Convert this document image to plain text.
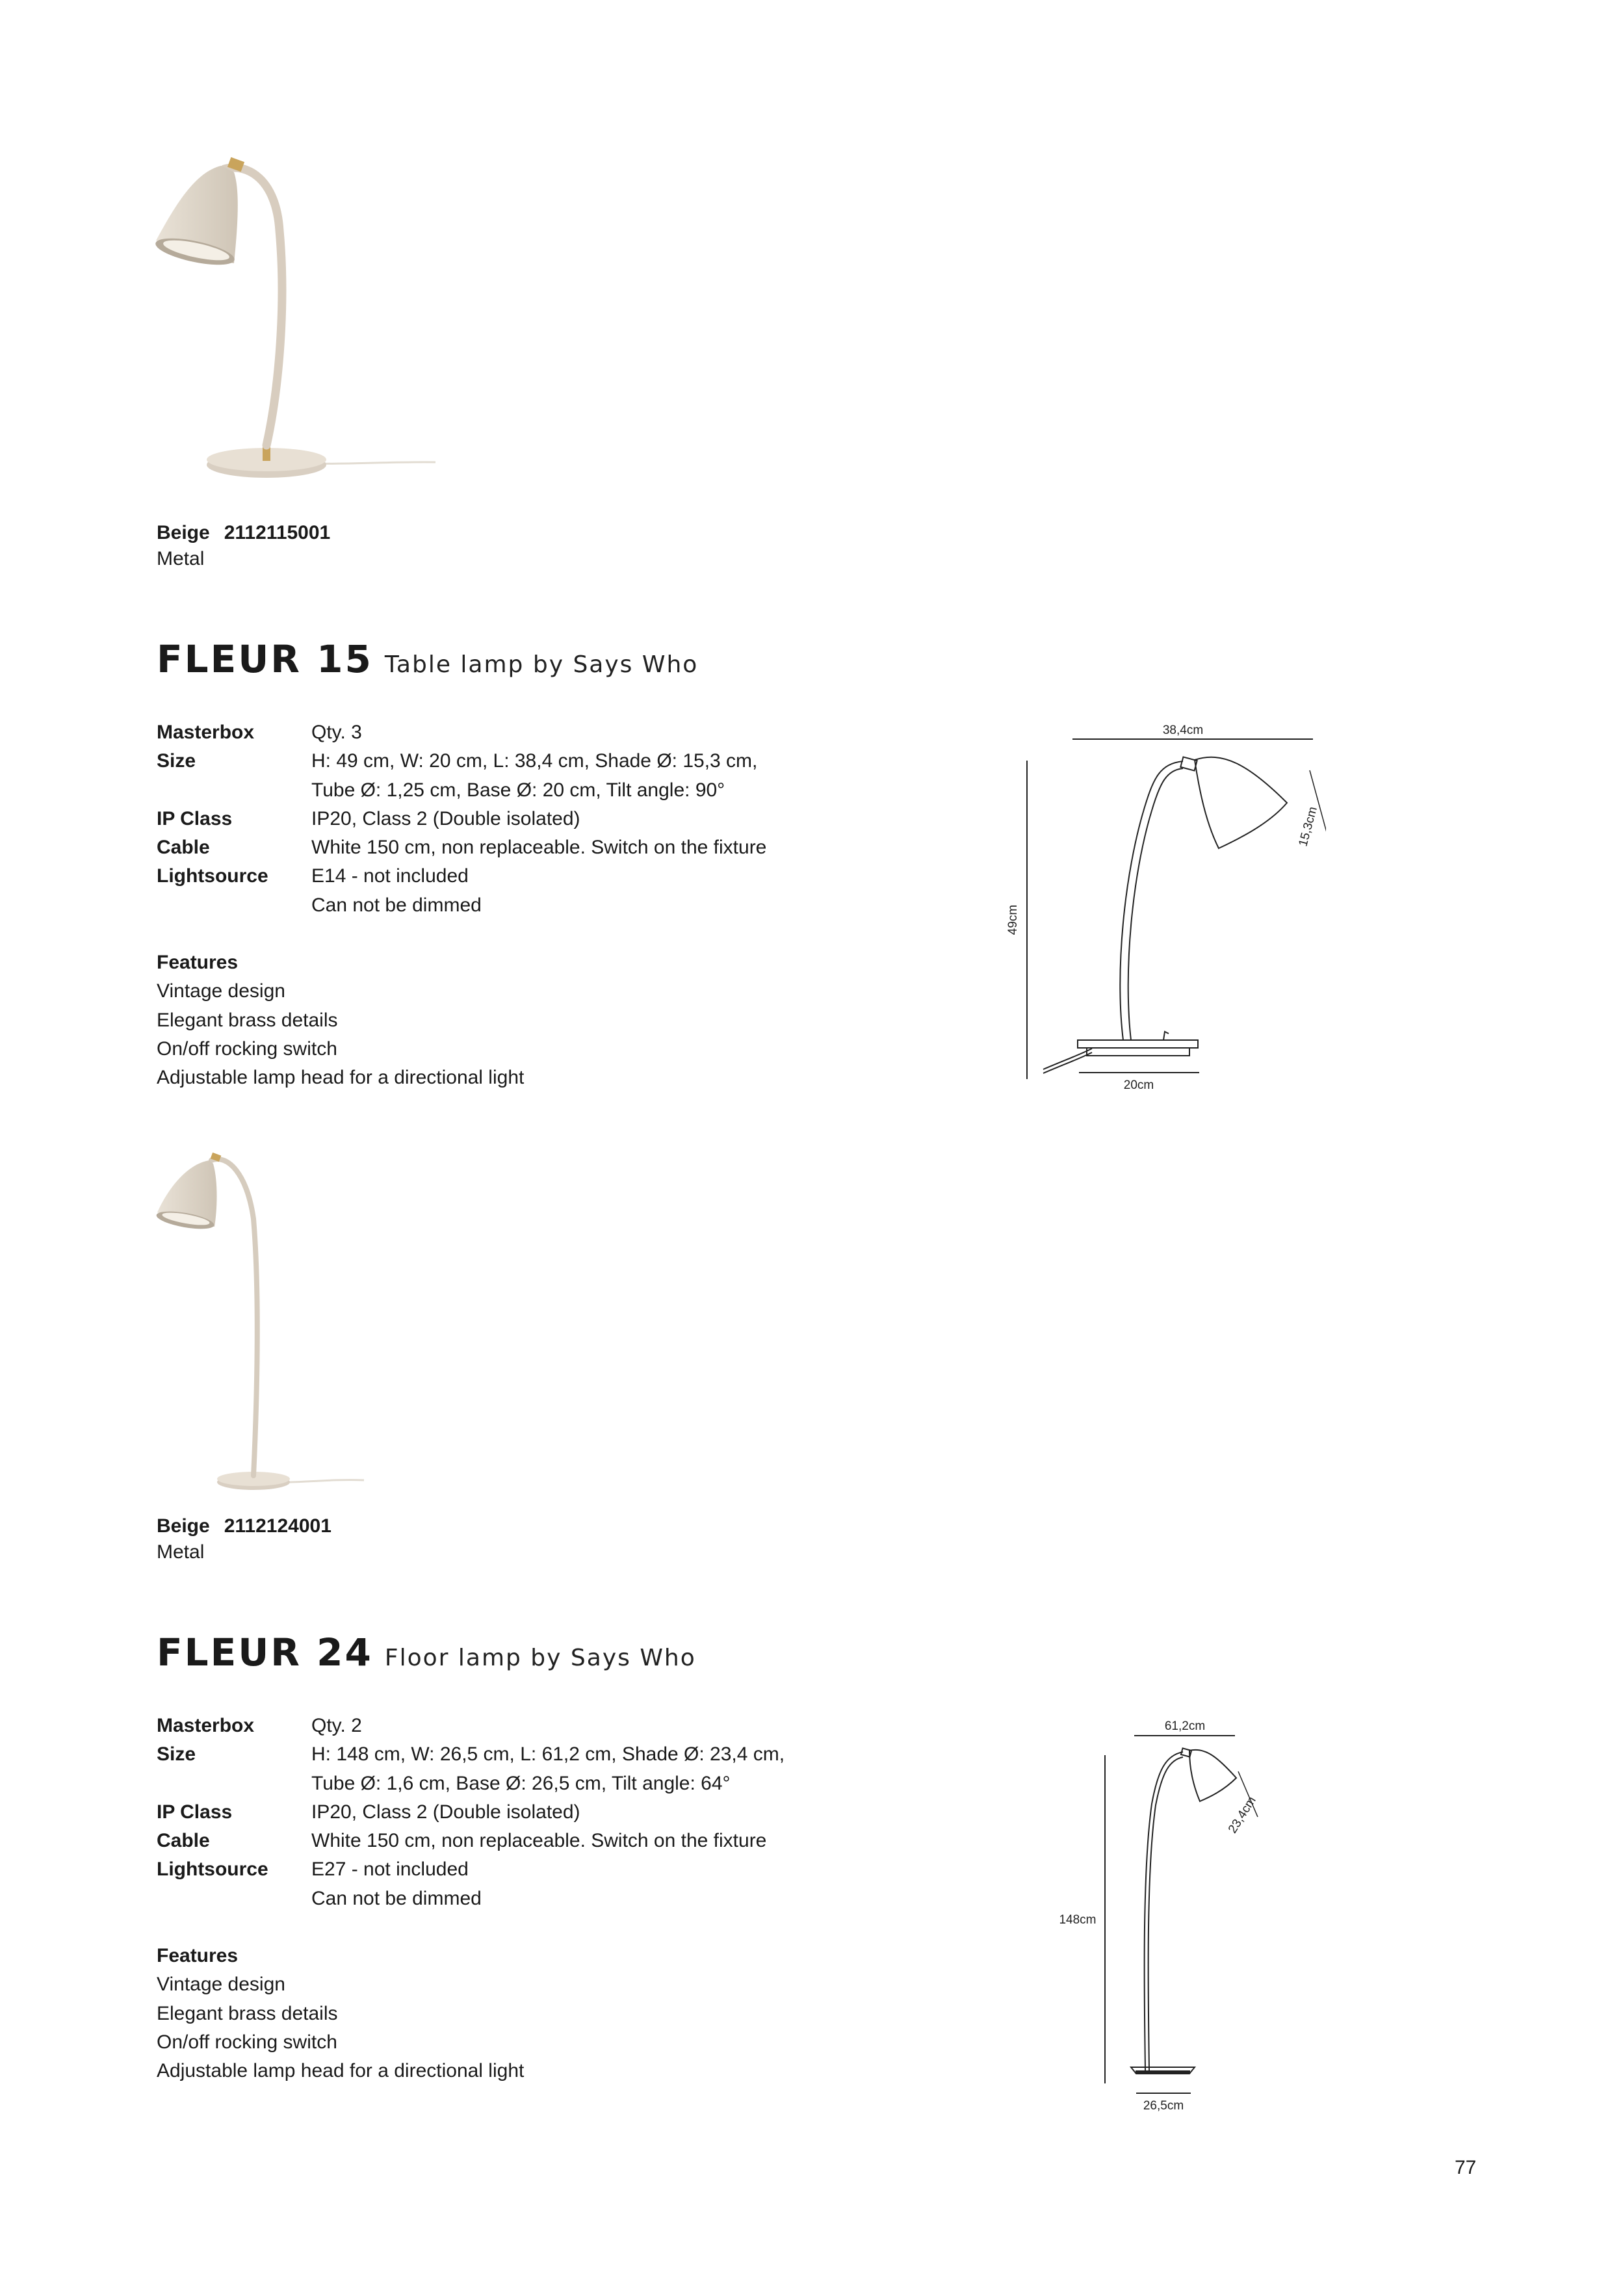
Beige 2112115001
Metal
FLEUR 15 Table lamp by Says Who
Masterbox	Qty. 3
Size	H: 49 cm, W: 20 cm, L: 38,4 cm, Shade Ø: 15,3 cm,
Tube Ø: 1,25 cm, Base Ø: 20 cm, Tilt angle: 90°
IP Class	IP20, Class 2 (Double isolated)
Cable	White 150 cm, non replaceable. Switch on the fixture
Lightsource	E14 - not included
Can not be dimmed
Features
Vintage design
Elegant brass details
On/off rocking switch
Adjustable lamp head for a directional light
38,4cm
49cm
20cm
15,3cm
Beige 2112124001
Metal
FLEUR 24 Floor lamp by Says Who
Masterbox	Qty. 2
Size	H: 148 cm, W: 26,5 cm, L: 61,2 cm, Shade Ø: 23,4 cm,
Tube Ø: 1,6 cm, Base Ø: 26,5 cm, Tilt angle: 64°
IP Class	IP20, Class 2 (Double isolated)
Cable	White 150 cm, non replaceable. Switch on the fixture
Lightsource	E27 - not included
Can not be dimmed
Features
Vintage design
Elegant brass details
On/off rocking switch
Adjustable lamp head for a directional light
61,2cm
148cm
26,5cm
23,4cm
77
